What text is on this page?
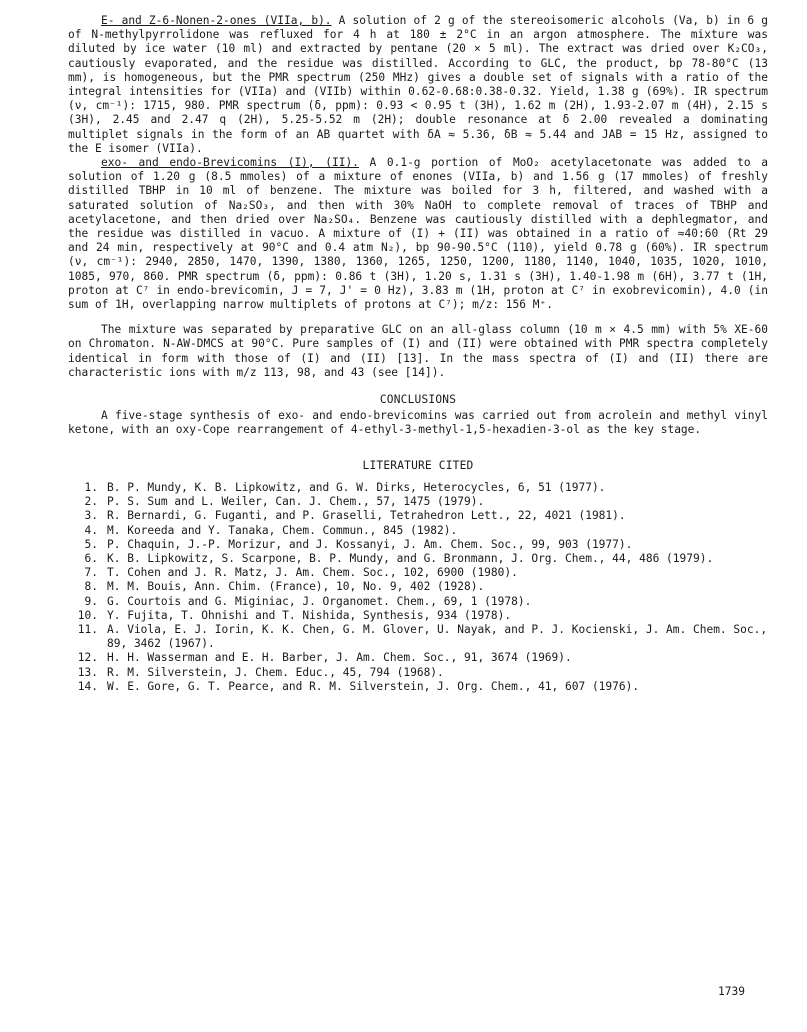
E- and Z-6-Nonen-2-ones (VIIa, b). A solution of 2 g of the stereoisomeric alcohols (Va, b) in 6 g of N-methylpyrrolidone was refluxed for 4 h at 180 ± 2°C in an argon atmosphere. The mixture was diluted by ice water (10 ml) and extracted by pentane (20 × 5 ml). The extract was dried over K₂CO₃, cautiously evaporated, and the residue was distilled. According to GLC, the product, bp 78-80°C (13 mm), is homogeneous, but the PMR spectrum (250 MHz) gives a double set of signals with a ratio of the integral intensities for (VIIa) and (VIIb) within 0.62-0.68:0.38-0.32. Yield, 1.38 g (69%). IR spectrum (ν, cm⁻¹): 1715, 980. PMR spectrum (δ, ppm): 0.93 < 0.95 t (3H), 1.62 m (2H), 1.93-2.07 m (4H), 2.15 s (3H), 2.45 and 2.47 q (2H), 5.25-5.52 m (2H); double resonance at δ 2.00 revealed a dominating multiplet signals in the form of an AB quartet with δA ≈ 5.36, δB ≈ 5.44 and JAB = 15 Hz, assigned to the E isomer (VIIa).

exo- and endo-Brevicomins (I), (II). A 0.1-g portion of MoO₂ acetylacetonate was added to a solution of 1.20 g (8.5 mmoles) of a mixture of enones (VIIa, b) and 1.56 g (17 mmoles) of freshly distilled TBHP in 10 ml of benzene. The mixture was boiled for 3 h, filtered, and washed with a saturated solution of Na₂SO₃, and then with 30% NaOH to complete removal of traces of TBHP and acetylacetone, and then dried over Na₂SO₄. Benzene was cautiously distilled with a dephlegmator, and the residue was distilled in vacuo. A mixture of (I) + (II) was obtained in a ratio of ≈40:60 (Rt 29 and 24 min, respectively at 90°C and 0.4 atm N₂), bp 90-90.5°C (110), yield 0.78 g (60%). IR spectrum (ν, cm⁻¹): 2940, 2850, 1470, 1390, 1380, 1360, 1265, 1250, 1200, 1180, 1140, 1040, 1035, 1020, 1010, 1085, 970, 860. PMR spectrum (δ, ppm): 0.86 t (3H), 1.20 s, 1.31 s (3H), 1.40-1.98 m (6H), 3.77 t (1H, proton at C⁷ in endo-brevicomin, J = 7, J' = 0 Hz), 3.83 m (1H, proton at C⁷ in exobrevicomin), 4.0 (in sum of 1H, overlapping narrow multiplets of protons at C⁷); m/z: 156 M⁺.

The mixture was separated by preparative GLC on an all-glass column (10 m × 4.5 mm) with 5% XE-60 on Chromaton. N-AW-DMCS at 90°C. Pure samples of (I) and (II) were obtained with PMR spectra completely identical in form with those of (I) and (II) [13]. In the mass spectra of (I) and (II) there are characteristic ions with m/z 113, 98, and 43 (see [14]).

CONCLUSIONS

A five-stage synthesis of exo- and endo-brevicomins was carried out from acrolein and methyl vinyl ketone, with an oxy-Cope rearrangement of 4-ethyl-3-methyl-1,5-hexadien-3-ol as the key stage.

LITERATURE CITED
1. B. P. Mundy, K. B. Lipkowitz, and G. W. Dirks, Heterocycles, 6, 51 (1977).
2. P. S. Sum and L. Weiler, Can. J. Chem., 57, 1475 (1979).
3. R. Bernardi, G. Fuganti, and P. Graselli, Tetrahedron Lett., 22, 4021 (1981).
4. M. Koreeda and Y. Tanaka, Chem. Commun., 845 (1982).
5. P. Chaquin, J.-P. Morizur, and J. Kossanyi, J. Am. Chem. Soc., 99, 903 (1977).
6. K. B. Lipkowitz, S. Scarpone, B. P. Mundy, and G. Bronmann, J. Org. Chem., 44, 486 (1979).
7. T. Cohen and J. R. Matz, J. Am. Chem. Soc., 102, 6900 (1980).
8. M. M. Bouis, Ann. Chim. (France), 10, No. 9, 402 (1928).
9. G. Courtois and G. Miginiac, J. Organomet. Chem., 69, 1 (1978).
10. Y. Fujita, T. Ohnishi and T. Nishida, Synthesis, 934 (1978).
11. A. Viola, E. J. Iorin, K. K. Chen, G. M. Glover, U. Nayak, and P. J. Kocienski, J. Am. Chem. Soc., 89, 3462 (1967).
12. H. H. Wasserman and E. H. Barber, J. Am. Chem. Soc., 91, 3674 (1969).
13. R. M. Silverstein, J. Chem. Educ., 45, 794 (1968).
14. W. E. Gore, G. T. Pearce, and R. M. Silverstein, J. Org. Chem., 41, 607 (1976).
1739
